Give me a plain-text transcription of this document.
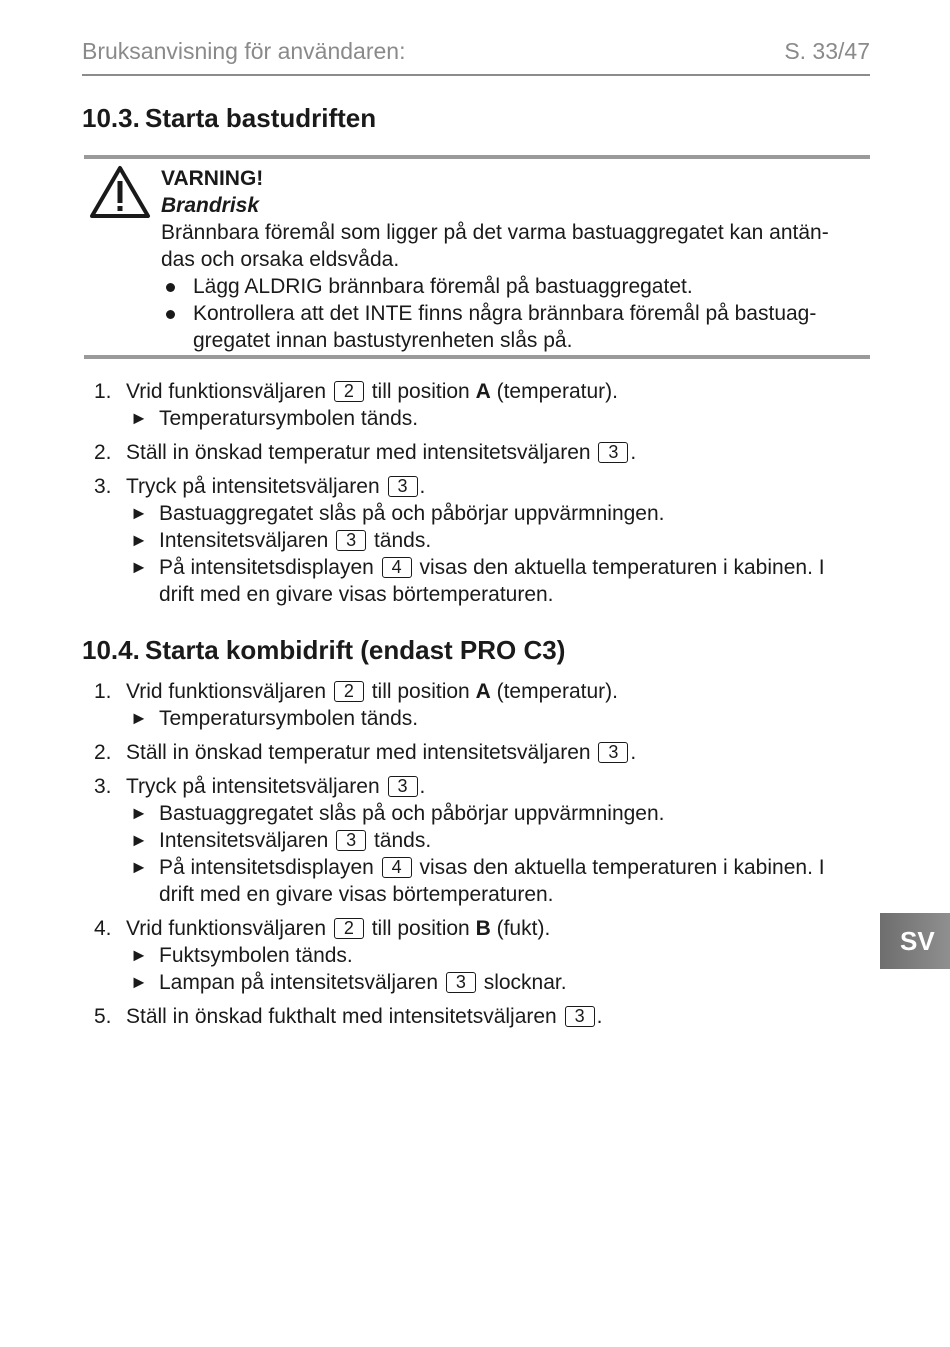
Bruksanvisning för användaren:	S. 33/47
10.3. Starta bastudriften
VARNING!
Brandrisk
Brännbara föremål som ligger på det varma bastuaggregatet kan antän-
das och orsaka eldsvåda.
Lägg ALDRIG brännbara föremål på bastuaggregatet.
Kontrollera att det INTE finns några brännbara föremål på bastuag-
gregatet innan bastustyrenheten slås på.
1. Vrid funktionsväljaren 2 till position A (temperatur).
► Temperatursymbolen tänds.
2. Ställ in önskad temperatur med intensitetsväljaren 3 .
3. Tryck på intensitetsväljaren 3 .
► Bastuaggregatet slås på och påbörjar uppvärmningen.
► Intensitetsväljaren 3 tänds.
► På intensitetsdisplayen 4 visas den aktuella temperaturen i kabinen. I
drift med en givare visas börtemperaturen.
10.4. Starta kombidrift (endast PRO C3)
1. Vrid funktionsväljaren 2 till position A (temperatur).
► Temperatursymbolen tänds.
2. Ställ in önskad temperatur med intensitetsväljaren 3 .
3. Tryck på intensitetsväljaren 3 .
► Bastuaggregatet slås på och påbörjar uppvärmningen.
► Intensitetsväljaren 3 tänds.
► På intensitetsdisplayen 4 visas den aktuella temperaturen i kabinen. I
drift med en givare visas börtemperaturen.
4. Vrid funktionsväljaren 2 till position B (fukt).
► Fuktsymbolen tänds.
► Lampan på intensitetsväljaren 3 slocknar.
5. Ställ in önskad fukthalt med intensitetsväljaren 3 .
SV
